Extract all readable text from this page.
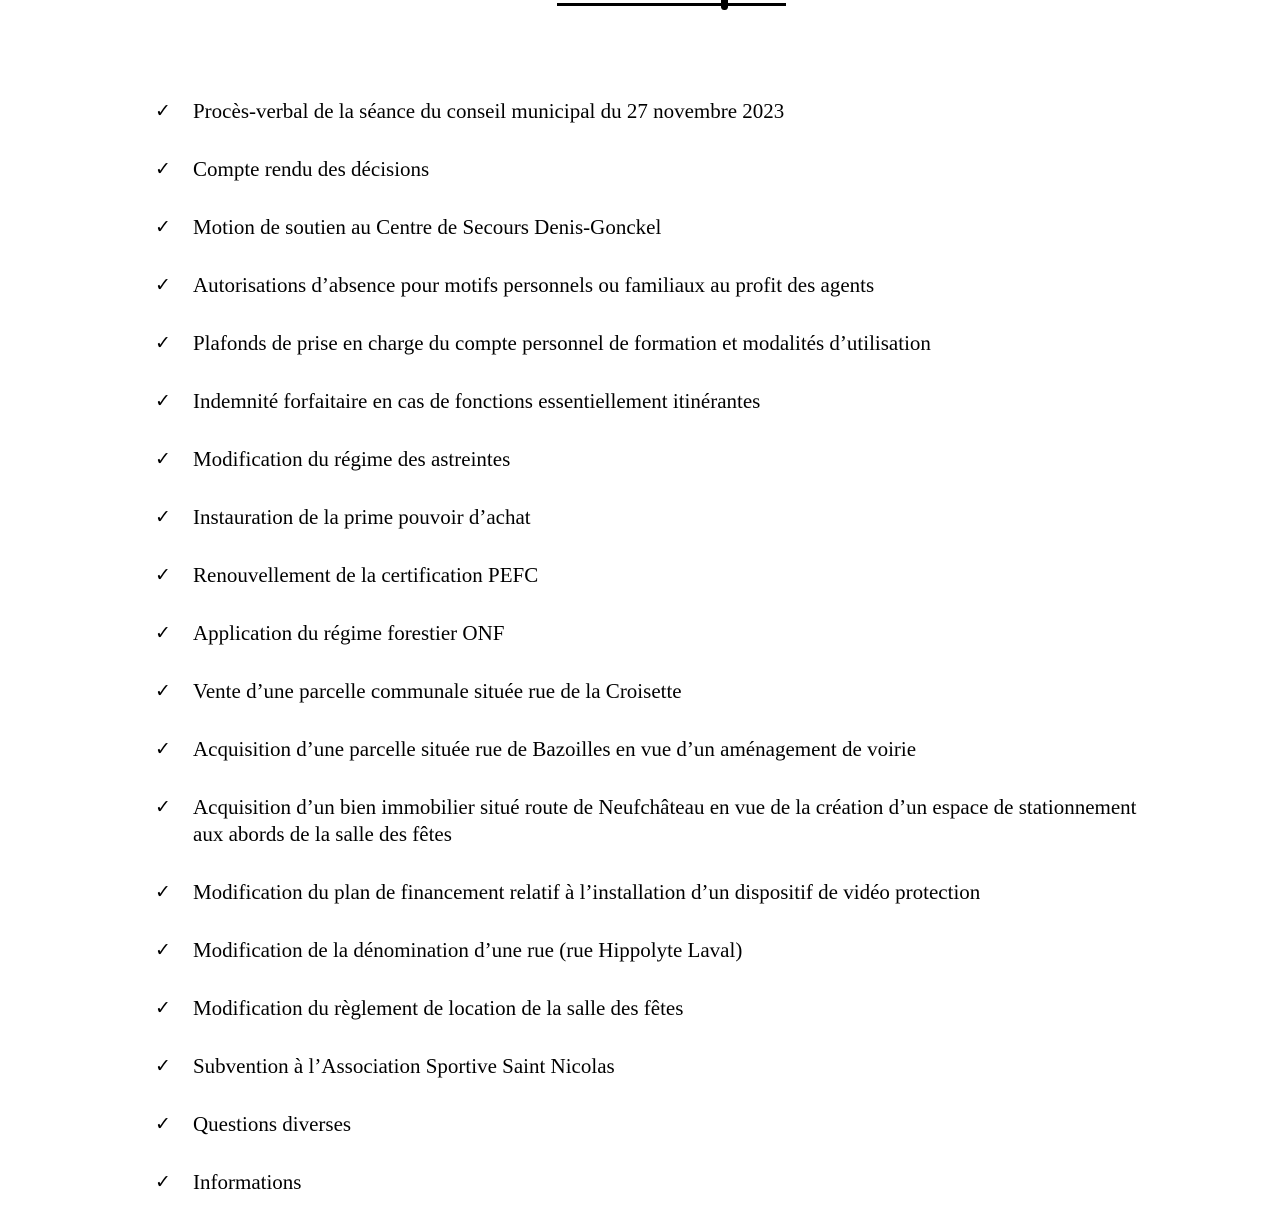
✓	Procès-verbal de la séance du conseil municipal du 27 novembre 2023
✓	Compte rendu des décisions
✓	Motion de soutien au Centre de Secours Denis-Gonckel
✓	Autorisations d’absence pour motifs personnels ou familiaux au profit des agents
✓	Plafonds de prise en charge du compte personnel de formation et modalités d’utilisation
✓	Indemnité forfaitaire en cas de fonctions essentiellement itinérantes
✓	Modification du régime des astreintes
✓	Instauration de la prime pouvoir d’achat
✓	Renouvellement de la certification PEFC
✓	Application du régime forestier ONF
✓	Vente d’une parcelle communale située rue de la Croisette
✓	Acquisition d’une parcelle située rue de Bazoilles en vue d’un aménagement de voirie
✓	Acquisition d’un bien immobilier situé route de Neufchâteau en vue de la création d’un espace de stationnement aux abords de la salle des fêtes
✓	Modification du plan de financement relatif à l’installation d’un dispositif de vidéo protection
✓	Modification de la dénomination d’une rue (rue Hippolyte Laval)
✓	Modification du règlement de location de la salle des fêtes
✓	Subvention à l’Association Sportive Saint Nicolas
✓	Questions diverses
✓	Informations
